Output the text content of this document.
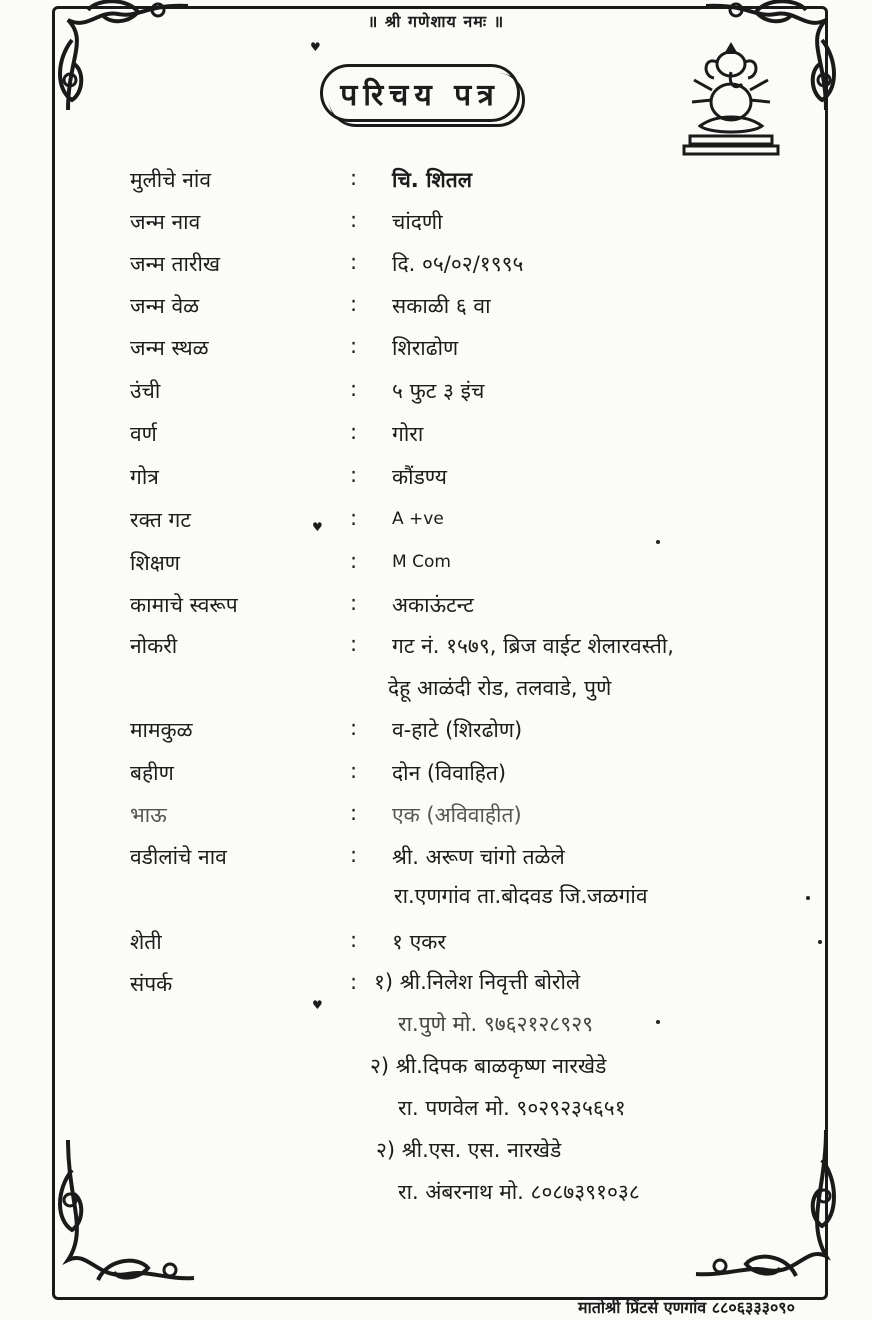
॥ श्री गणेशाय नमः ॥
परिचय पत्र
मुलीचे नांव	: चि. शितल
जन्म नाव	: चांदणी
जन्म तारीख	: दि. ०५/०२/१९९५
जन्म वेळ	: सकाळी ६ वा
जन्म स्थळ	: शिराढोण
उंची	: ५ फुट ३ इंच
वर्ण	: गोरा
गोत्र	: कौंडण्य
रक्त गट	: A +ve
शिक्षण	: M Com
कामाचे स्वरूप	: अकाऊंटन्ट
नोकरी	: गट नं. १५७९, ब्रिज वाईट शेलारवस्ती,
देहू आळंदी रोड, तलवाडे, पुणे
मामकुळ	: व-हाटे (शिरढोण)
बहीण	: दोन (विवाहित)
भाऊ	: एक (अविवाहीत)
वडीलांचे नाव	: श्री. अरूण चांगो तळेले
रा.एणगांव ता.बोदवड जि.जळगांव
शेती	: १ एकर
संपर्क	: १) श्री.निलेश निवृत्ती बोरोले
रा.पुणे मो. ९७६२१२८९२९
२) श्री.दिपक बाळकृष्ण नारखेडे
रा. पणवेल मो. ९०२९२३५६५१
२) श्री.एस. एस. नारखेडे
रा. अंबरनाथ मो. ८०८७३९१०३८
♥
♥
♥
मातोश्री प्रिंटर्स एणगांव ८८०६३३३०९०
